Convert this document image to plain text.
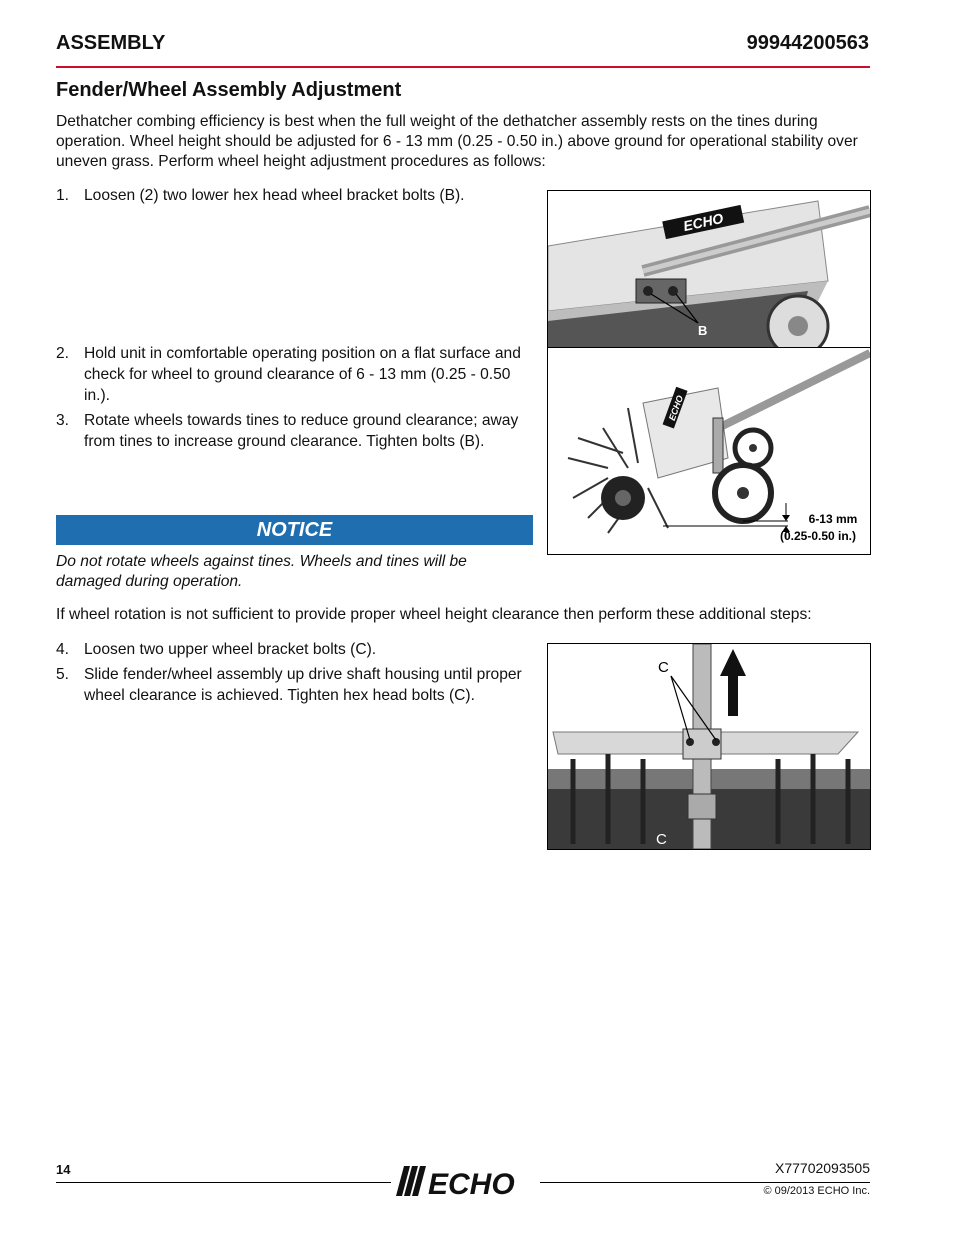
ASSEMBLY	99944200563
Fender/Wheel Assembly Adjustment

Dethatcher combing efficiency is best when the full weight of the dethatcher assembly rests on the tines during operation. Wheel height should be adjusted for 6 - 13 mm (0.25 - 0.50 in.) above ground for operational stability over uneven grass. Perform wheel height adjustment procedures as follows:

1. Loosen (2) two lower hex head wheel bracket bolts (B).
2. Hold unit in comfortable operating position on a flat surface and check for wheel to ground clearance of 6 - 13 mm (0.25 - 0.50 in.).
3. Rotate wheels towards tines to reduce ground clearance; away from tines to increase ground clearance. Tighten bolts (B).
NOTICE

Do not rotate wheels against tines. Wheels and tines will be damaged during operation.

If wheel rotation is not sufficient to provide proper wheel height clearance then perform these additional steps:

4. Loosen two upper wheel bracket bolts (C).
5. Slide fender/wheel assembly up drive shaft housing until proper wheel clearance is achieved. Tighten hex head bolts (C).
ECHO
B
6-13 mm
(0.25-0.50 in.)
ECHO
C
C
14	ECHO	X77702093505
© 09/2013 ECHO Inc.
